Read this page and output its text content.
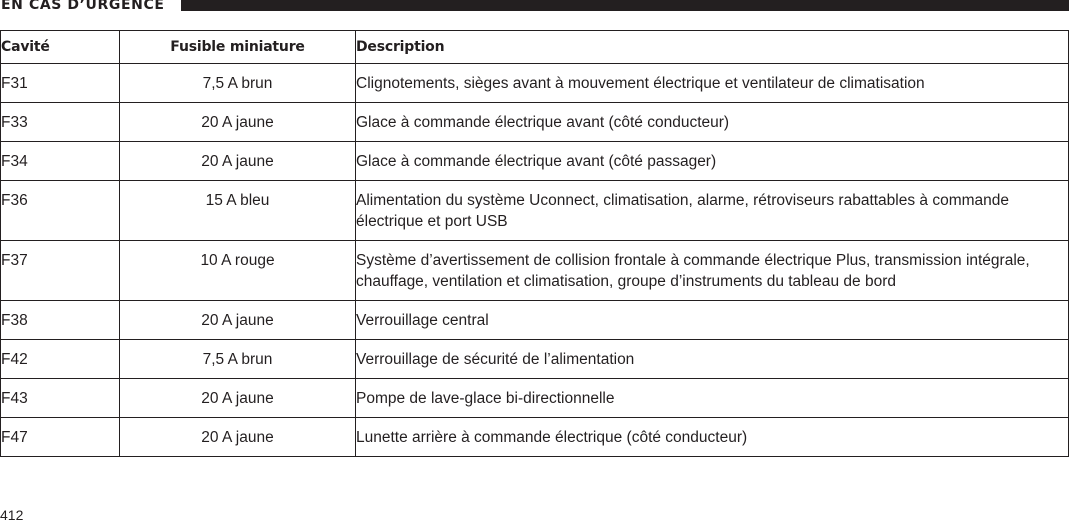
EN CAS D’URGENCE
Cavité	Fusible miniature	Description
F31	7,5 A brun	Clignotements, sièges avant à mouvement électrique et ventilateur de climatisation
F33	20 A jaune	Glace à commande électrique avant (côté conducteur)
F34	20 A jaune	Glace à commande électrique avant (côté passager)
F36	15 A bleu	Alimentation du système Uconnect, climatisation, alarme, rétroviseurs rabattables à commande électrique et port USB
F37	10 A rouge	Système d’avertissement de collision frontale à commande électrique Plus, transmission intégrale, chauffage, ventilation et climatisation, groupe d’instruments du tableau de bord
F38	20 A jaune	Verrouillage central
F42	7,5 A brun	Verrouillage de sécurité de l’alimentation
F43	20 A jaune	Pompe de lave-glace bi-directionnelle
F47	20 A jaune	Lunette arrière à commande électrique (côté conducteur)
412
